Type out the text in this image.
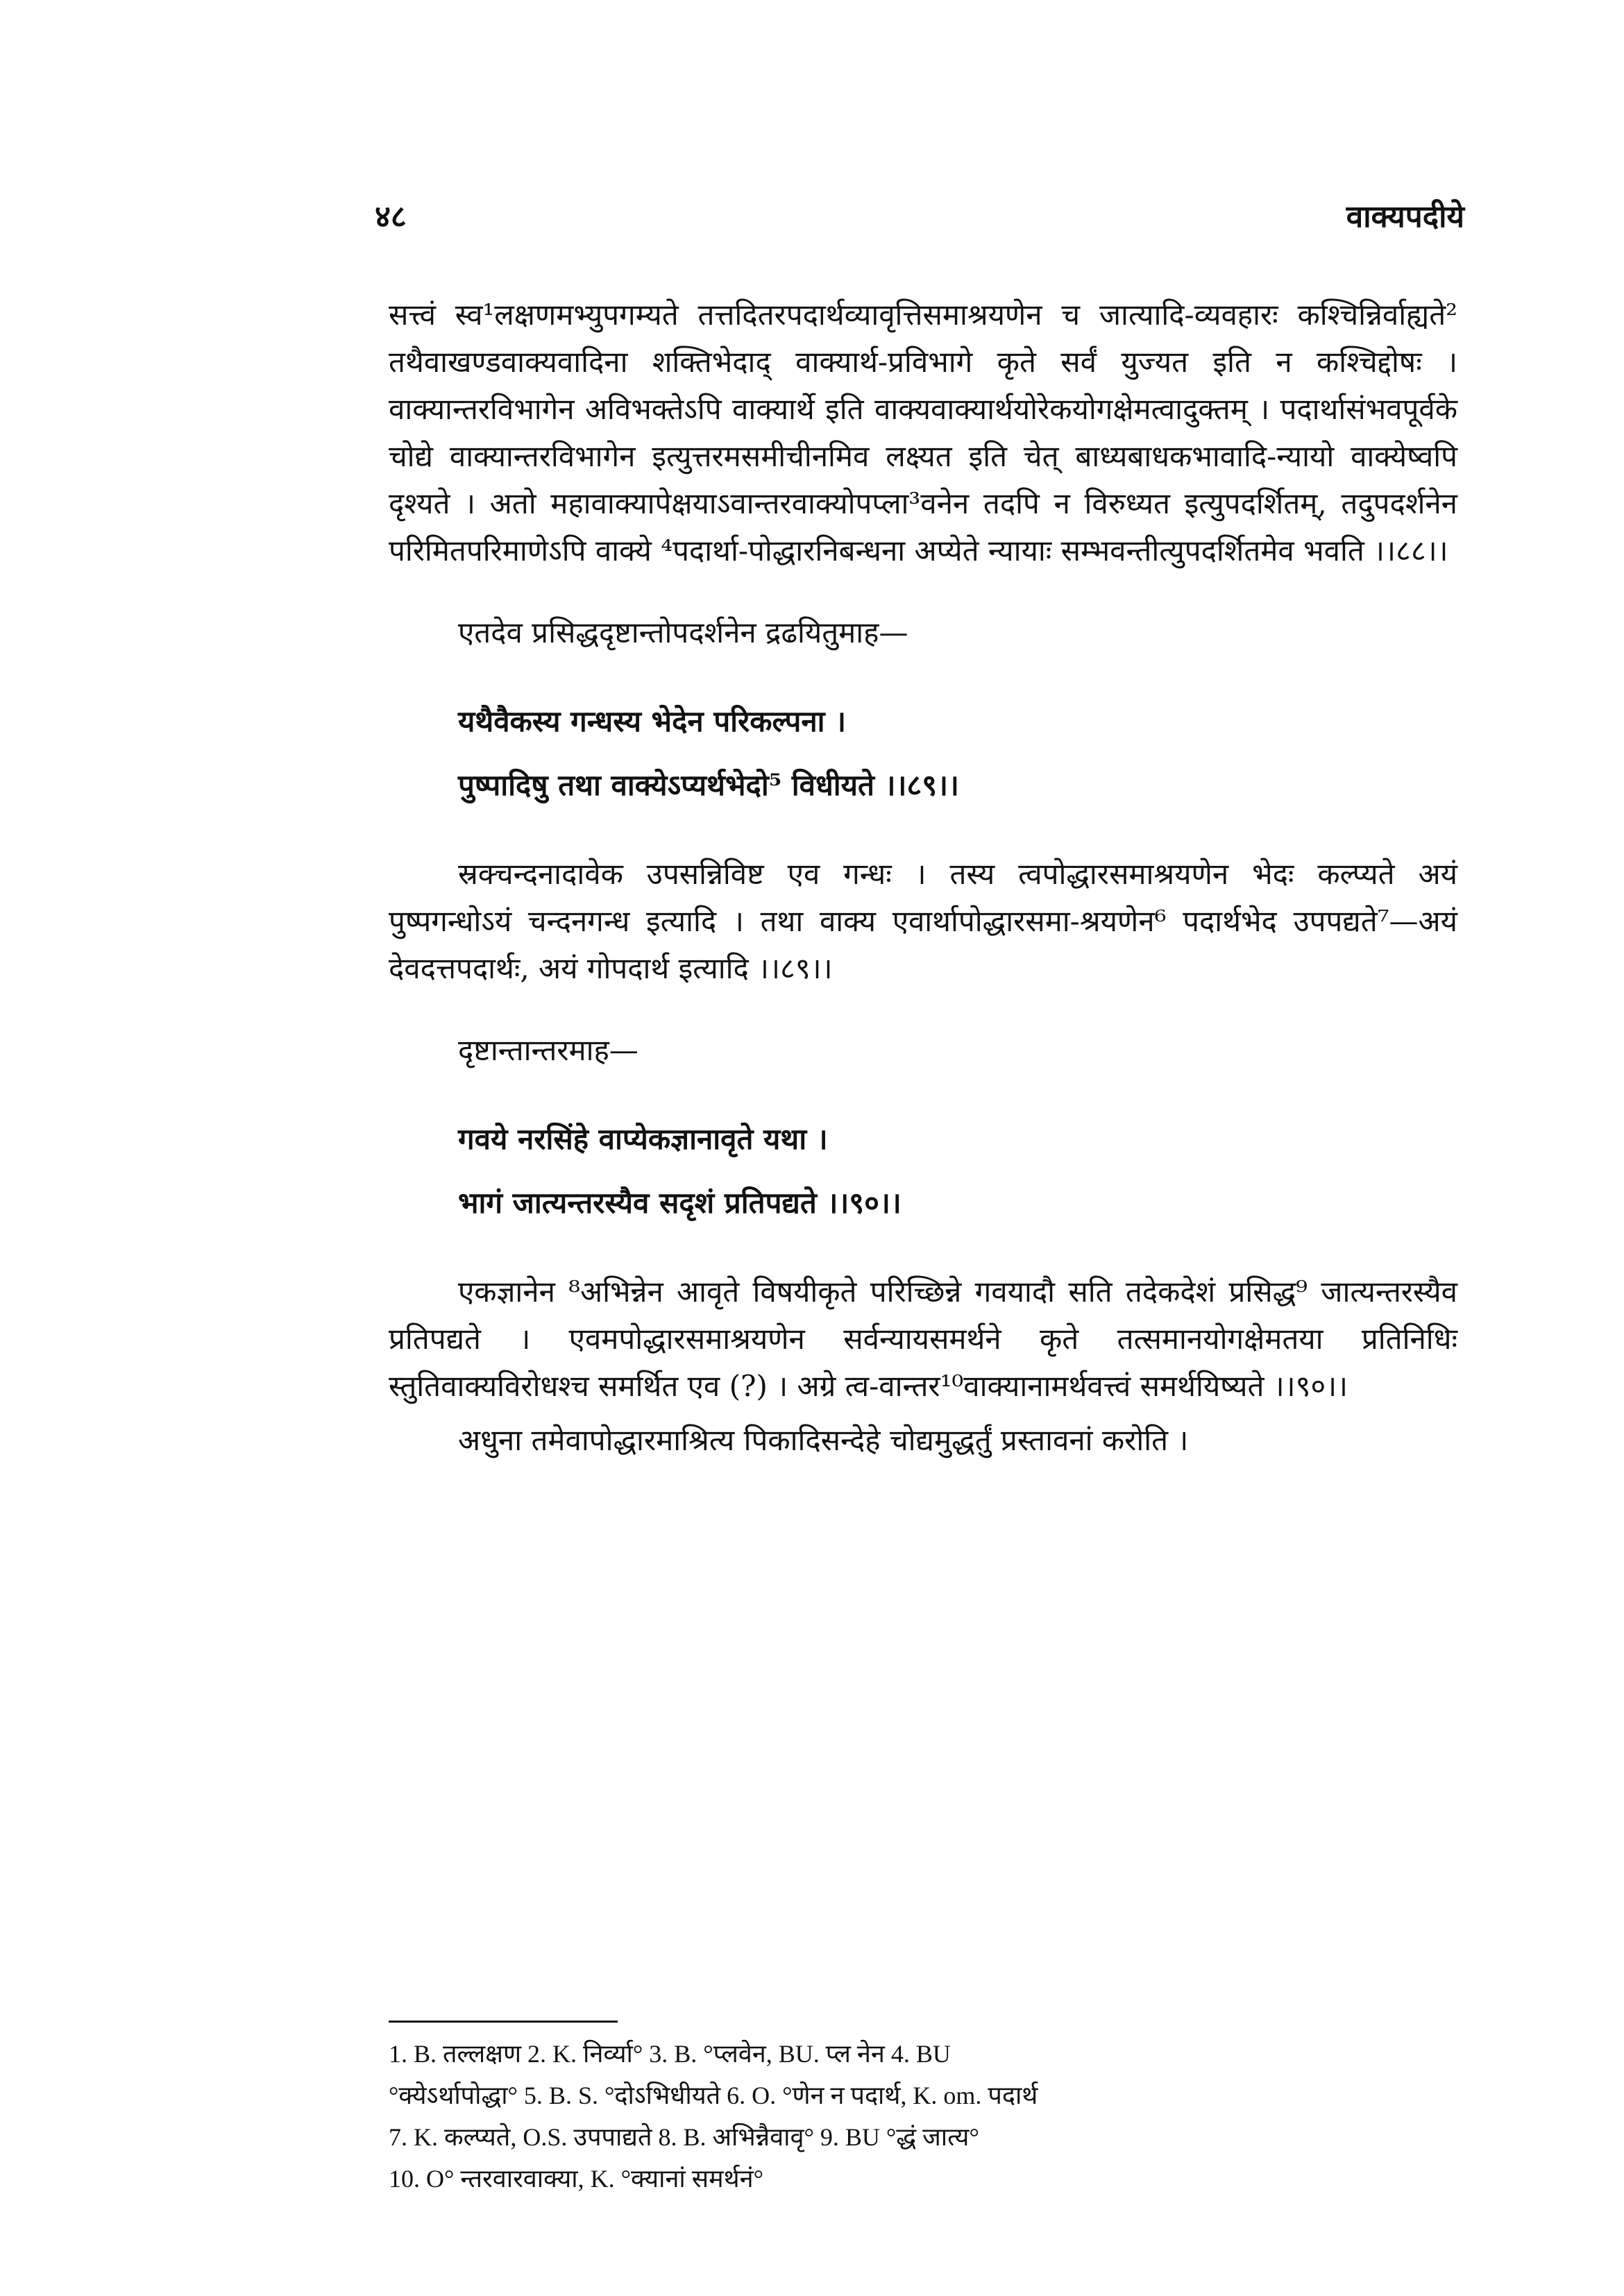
४८	वाक्यपदीये

सत्त्वं स्व¹लक्षणमभ्युपगम्यते तत्तदितरपदार्थव्यावृत्तिसमाश्रयणेन च जात्यादि-व्यवहारः कश्चिन्निर्वाह्यते² तथैवाखण्डवाक्यवादिना शक्तिभेदाद् वाक्यार्थ-प्रविभागे कृते सर्वं युज्यत इति न कश्चिद्दोषः । वाक्यान्तरविभागेन अविभक्तेऽपि वाक्यार्थे इति वाक्यवाक्यार्थयोरेकयोगक्षेमत्वादुक्तम् । पदार्थासंभवपूर्वके चोद्ये वाक्यान्तरविभागेन इत्युत्तरमसमीचीनमिव लक्ष्यत इति चेत् बाध्यबाधकभावादि-न्यायो वाक्येष्वपि दृश्यते । अतो महावाक्यापेक्षयाऽवान्तरवाक्योपप्ला³वनेन तदपि न विरुध्यत इत्युपदर्शितम्, तदुपदर्शनेन परिमितपरिमाणेऽपि वाक्ये ⁴पदार्था-पोद्धारनिबन्धना अप्येते न्यायाः सम्भवन्तीत्युपदर्शितमेव भवति ।।८८।।

एतदेव प्रसिद्धदृष्टान्तोपदर्शनेन द्रढयितुमाह—

यथैवैकस्य गन्धस्य भेदेन परिकल्पना ।
पुष्पादिषु तथा वाक्येऽप्यर्थभेदो⁵ विधीयते ।।८९।।

स्रक्चन्दनादावेक उपसन्निविष्ट एव गन्धः । तस्य त्वपोद्धारसमाश्रयणेन भेदः कल्प्यते अयं पुष्पगन्धोऽयं चन्दनगन्ध इत्यादि । तथा वाक्य एवार्थापोद्धारसमा-श्रयणेन⁶ पदार्थभेद उपपद्यते⁷—अयं देवदत्तपदार्थः, अयं गोपदार्थ इत्यादि ।।८९।।

दृष्टान्तान्तरमाह—

गवये नरसिंहे वाप्येकज्ञानावृते यथा ।
भागं जात्यन्तरस्यैव सदृशं प्रतिपद्यते ।।९०।।

एकज्ञानेन ⁸अभिन्नेन आवृते विषयीकृते परिच्छिन्ने गवयादौ सति तदेकदेशं प्रसिद्ध⁹ जात्यन्तरस्यैव प्रतिपद्यते । एवमपोद्धारसमाश्रयणेन सर्वन्यायसमर्थने कृते तत्समानयोगक्षेमतया प्रतिनिधिः स्तुतिवाक्यविरोधश्च समर्थित एव (?) । अग्रे त्व-वान्तर¹⁰वाक्यानामर्थवत्त्वं समर्थयिष्यते ।।९०।।

अधुना तमेवापोद्धारमाश्रित्य पिकादिसन्देहे चोद्यमुद्धर्तुं प्रस्तावनां करोति ।

1. B. तल्लक्षण 2. K. निर्व्या° 3. B. °प्लवेन, BU. प्ल नेन 4. BU
°क्येऽर्थापोद्धा° 5. B. S. °दोऽभिधीयते 6. O. °णेन न पदार्थ, K. om. पदार्थ
7. K. कल्प्यते, O.S. उपपाद्यते 8. B. अभिन्नैवावृ° 9. BU °द्धं जात्य°
10. O° न्तरवारवाक्या, K. °क्यानां समर्थनं°
